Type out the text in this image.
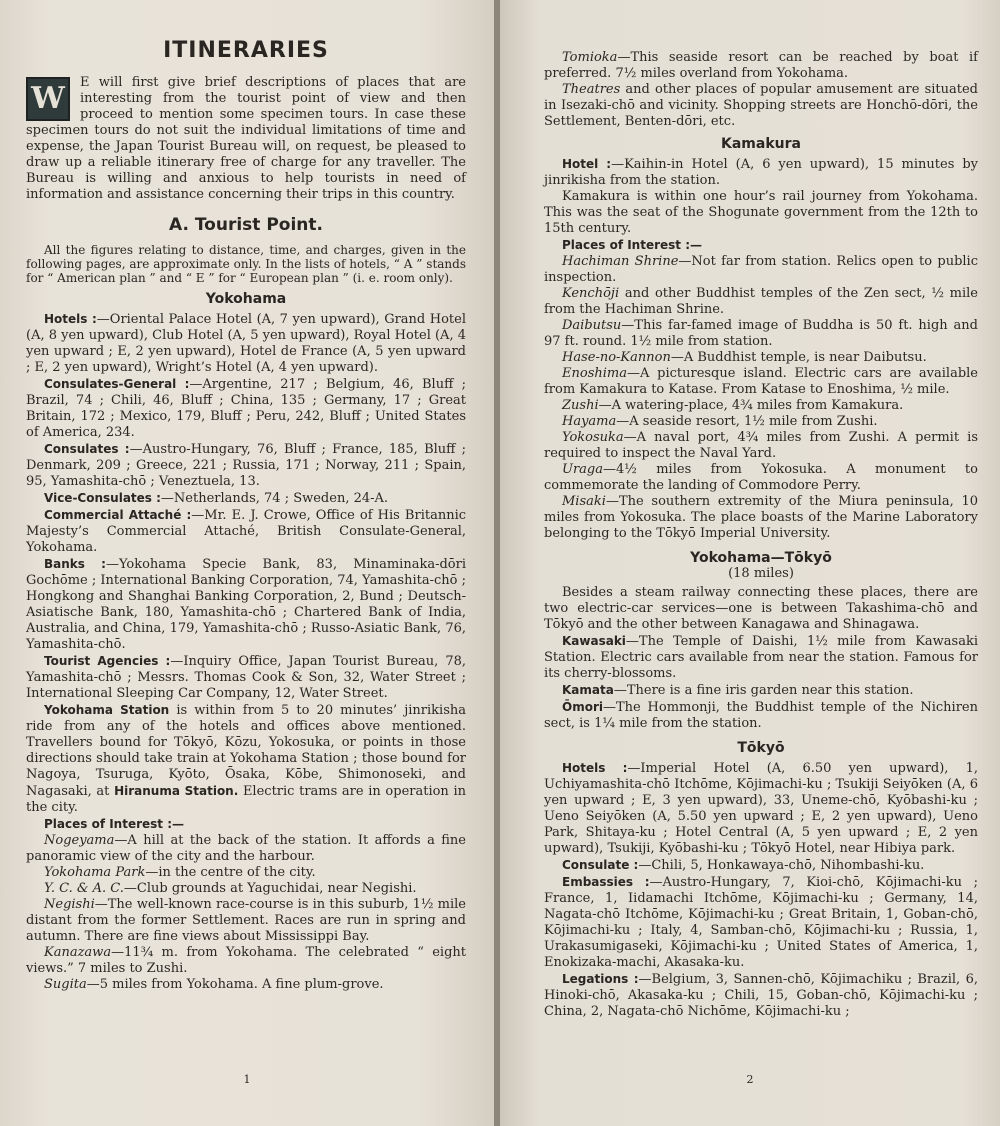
ITINERARIES
W	E will first give brief descriptions of places that are interesting from the tourist point of view and then proceed to mention some specimen tours. In case these specimen tours do not suit the individual limitations of time and expense, the Japan Tourist Bureau will, on request, be pleased to draw up a reliable itinerary free of charge for any traveller. The Bureau is willing and anxious to help tourists in need of information and assistance concerning their trips in this country.

A. Tourist Point.

All the figures relating to distance, time, and charges, given in the following pages, are approximate only. In the lists of hotels, “ A ” stands for “ American plan ” and “ E ” for “ European plan ” (i. e. room only).

Yokohama

Hotels :—Oriental Palace Hotel (A, 7 yen upward), Grand Hotel (A, 8 yen upward), Club Hotel (A, 5 yen upward), Royal Hotel (A, 4 yen upward ; E, 2 yen upward), Hotel de France (A, 5 yen upward ; E, 2 yen upward), Wright’s Hotel (A, 4 yen upward).

Consulates-General :—Argentine, 217 ; Belgium, 46, Bluff ; Brazil, 74 ; Chili, 46, Bluff ; China, 135 ; Germany, 17 ; Great Britain, 172 ; Mexico, 179, Bluff ; Peru, 242, Bluff ; United States of America, 234.

Consulates :—Austro-Hungary, 76, Bluff ; France, 185, Bluff ; Denmark, 209 ; Greece, 221 ; Russia, 171 ; Norway, 211 ; Spain, 95, Yamashita-chō ; Veneztuela, 13.

Vice-Consulates :—Netherlands, 74 ; Sweden, 24-A.

Commercial Attaché :—Mr. E. J. Crowe, Office of His Britannic Majesty’s Commercial Attaché, British Consulate-General, Yokohama.

Banks :—Yokohama Specie Bank, 83, Minaminaka-dōri Gochōme ; International Banking Corporation, 74, Yamashita-chō ; Hongkong and Shanghai Banking Corporation, 2, Bund ; Deutsch-Asiatische Bank, 180, Yamashita-chō ; Chartered Bank of India, Australia, and China, 179, Yamashita-chō ; Russo-Asiatic Bank, 76, Yamashita-chō.

Tourist Agencies :—Inquiry Office, Japan Tourist Bureau, 78, Yamashita-chō ; Messrs. Thomas Cook & Son, 32, Water Street ; International Sleeping Car Company, 12, Water Street.

Yokohama Station is within from 5 to 20 minutes’ jinrikisha ride from any of the hotels and offices above mentioned. Travellers bound for Tōkyō, Kōzu, Yokosuka, or points in those directions should take train at Yokohama Station ; those bound for Nagoya, Tsuruga, Kyōto, Ōsaka, Kōbe, Shimonoseki, and Nagasaki, at Hiranuma Station. Electric trams are in operation in the city.

Places of Interest :—

Nogeyama—A hill at the back of the station. It affords a fine panoramic view of the city and the harbour.

Yokohama Park—in the centre of the city.

Y. C. & A. C.—Club grounds at Yaguchidai, near Negishi.

Negishi—The well-known race-course is in this suburb, 1½ mile distant from the former Settlement. Races are run in spring and autumn. There are fine views about Mississippi Bay.

Kanazawa—11¾ m. from Yokohama. The celebrated “ eight views.” 7 miles to Zushi.

Sugita—5 miles from Yokohama. A fine plum-grove.

1

Tomioka—This seaside resort can be reached by boat if preferred. 7½ miles overland from Yokohama.

Theatres and other places of popular amusement are situated in Isezaki-chō and vicinity. Shopping streets are Honchō-dōri, the Settlement, Benten-dōri, etc.

Kamakura

Hotel :—Kaihin-in Hotel (A, 6 yen upward), 15 minutes by jinrikisha from the station.

Kamakura is within one hour’s rail journey from Yokohama. This was the seat of the Shogunate government from the 12th to 15th century.

Places of Interest :—

Hachiman Shrine—Not far from station. Relics open to public inspection.

Kenchōji and other Buddhist temples of the Zen sect, ½ mile from the Hachiman Shrine.

Daibutsu—This far-famed image of Buddha is 50 ft. high and 97 ft. round. 1½ mile from station.

Hase-no-Kannon—A Buddhist temple, is near Daibutsu.

Enoshima—A picturesque island. Electric cars are available from Kamakura to Katase. From Katase to Enoshima, ½ mile.

Zushi—A watering-place, 4¾ miles from Kamakura.

Hayama—A seaside resort, 1½ mile from Zushi.

Yokosuka—A naval port, 4¾ miles from Zushi. A permit is required to inspect the Naval Yard.

Uraga—4½ miles from Yokosuka. A monument to commemorate the landing of Commodore Perry.

Misaki—The southern extremity of the Miura peninsula, 10 miles from Yokosuka. The place boasts of the Marine Laboratory belonging to the Tōkyō Imperial University.

Yokohama—Tōkyō
(18 miles)

Besides a steam railway connecting these places, there are two electric-car services—one is between Takashima-chō and Tōkyō and the other between Kanagawa and Shinagawa.

Kawasaki—The Temple of Daishi, 1½ mile from Kawasaki Station. Electric cars available from near the station. Famous for its cherry-blossoms.

Kamata—There is a fine iris garden near this station.

Ōmori—The Hommonji, the Buddhist temple of the Nichiren sect, is 1¼ mile from the station.

Tōkyō

Hotels :—Imperial Hotel (A, 6.50 yen upward), 1, Uchiyamashita-chō Itchōme, Kōjimachi-ku ; Tsukiji Seiyōken (A, 6 yen upward ; E, 3 yen upward), 33, Uneme-chō, Kyōbashi-ku ; Ueno Seiyōken (A, 5.50 yen upward ; E, 2 yen upward), Ueno Park, Shitaya-ku ; Hotel Central (A, 5 yen upward ; E, 2 yen upward), Tsukiji, Kyōbashi-ku ; Tōkyō Hotel, near Hibiya park.

Consulate :—Chili, 5, Honkawaya-chō, Nihombashi-ku.

Embassies :—Austro-Hungary, 7, Kioi-chō, Kōjimachi-ku ; France, 1, Iidamachi Itchōme, Kōjimachi-ku ; Germany, 14, Nagata-chō Itchōme, Kōjimachi-ku ; Great Britain, 1, Goban-chō, Kōjimachi-ku ; Italy, 4, Samban-chō, Kōjimachi-ku ; Russia, 1, Urakasumigaseki, Kōjimachi-ku ; United States of America, 1, Enokizaka-machi, Akasaka-ku.

Legations :—Belgium, 3, Sannen-chō, Kōjimachiku ; Brazil, 6, Hinoki-chō, Akasaka-ku ; Chili, 15, Goban-chō, Kōjimachi-ku ; China, 2, Nagata-chō Nichōme, Kōjimachi-ku ;

2
